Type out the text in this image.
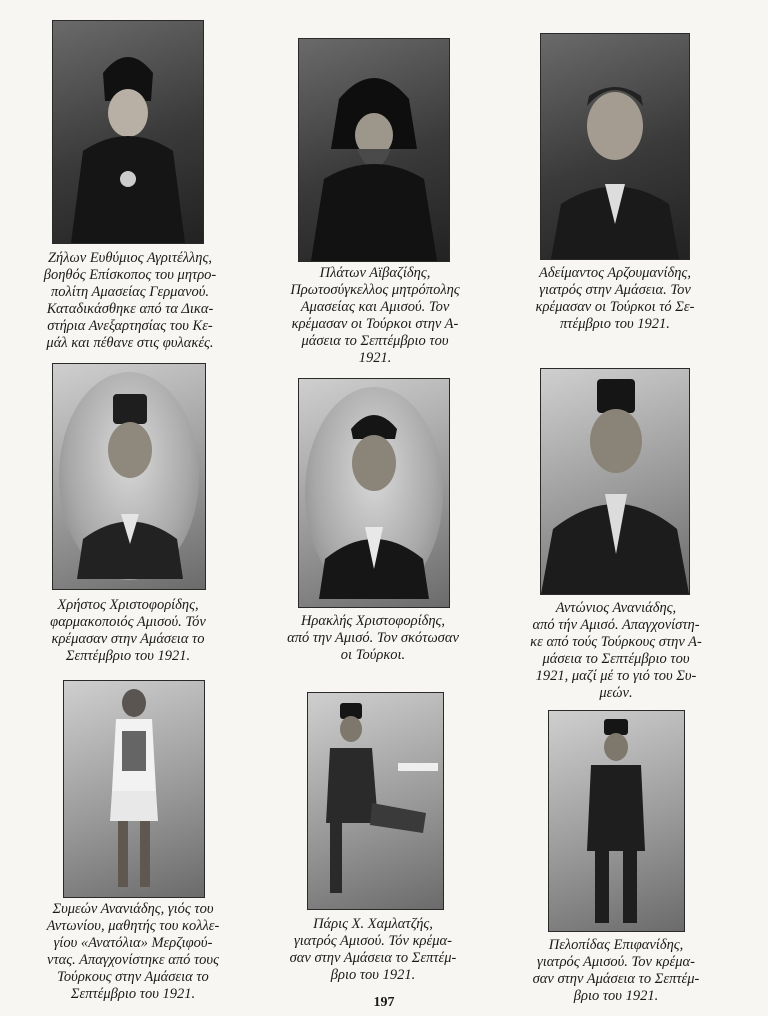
Ζήλων Ευθύμιος Αγριτέλλης,
βοηθός Επίσκοπος του μητρο-
πολίτη Αμασείας Γερμανού.
Καταδικάσθηκε από τα Δικα-
στήρια Ανεξαρτησίας του Κε-
μάλ και πέθανε στις φυλακές.
Πλάτων Αϊβαζίδης,
Πρωτοσύγκελλος μητρόπολης
Αμασείας και Αμισού. Τον
κρέμασαν οι Τούρκοι στην Α-
μάσεια το Σεπτέμβριο του
1921.
Αδείμαντος Αρζουμανίδης,
γιατρός στην Αμάσεια. Τον
κρέμασαν οι Τούρκοι τό Σε-
πτέμβριο του 1921.
Χρήστος Χριστοφορίδης,
φαρμακοποιός Αμισού. Τόν
κρέμασαν στην Αμάσεια το
Σεπτέμβριο του 1921.
Ηρακλής Χριστοφορίδης,
από την Αμισό. Τον σκότωσαν
οι Τούρκοι.
Αντώνιος Ανανιάδης,
από τήν Αμισό. Απαγχονίστη-
κε από τούς Τούρκους στην Α-
μάσεια το Σεπτέμβριο του
1921, μαζί μέ το γιό του Συ-
μεών.
Συμεών Ανανιάδης, γιός του
Αντωνίου, μαθητής του κολλε-
γίου «Ανατόλια» Μερζιφού-
ντας. Απαγχονίστηκε από τους
Τούρκους στην Αμάσεια το
Σεπτέμβριο του 1921.
Πάρις Χ. Χαμλατζής,
γιατρός Αμισού. Τόν κρέμα-
σαν στην Αμάσεια το Σεπτέμ-
βριο του 1921.
Πελοπίδας Επιφανίδης,
γιατρός Αμισού. Τον κρέμα-
σαν στην Αμάσεια το Σεπτέμ-
βριο του 1921.
197
